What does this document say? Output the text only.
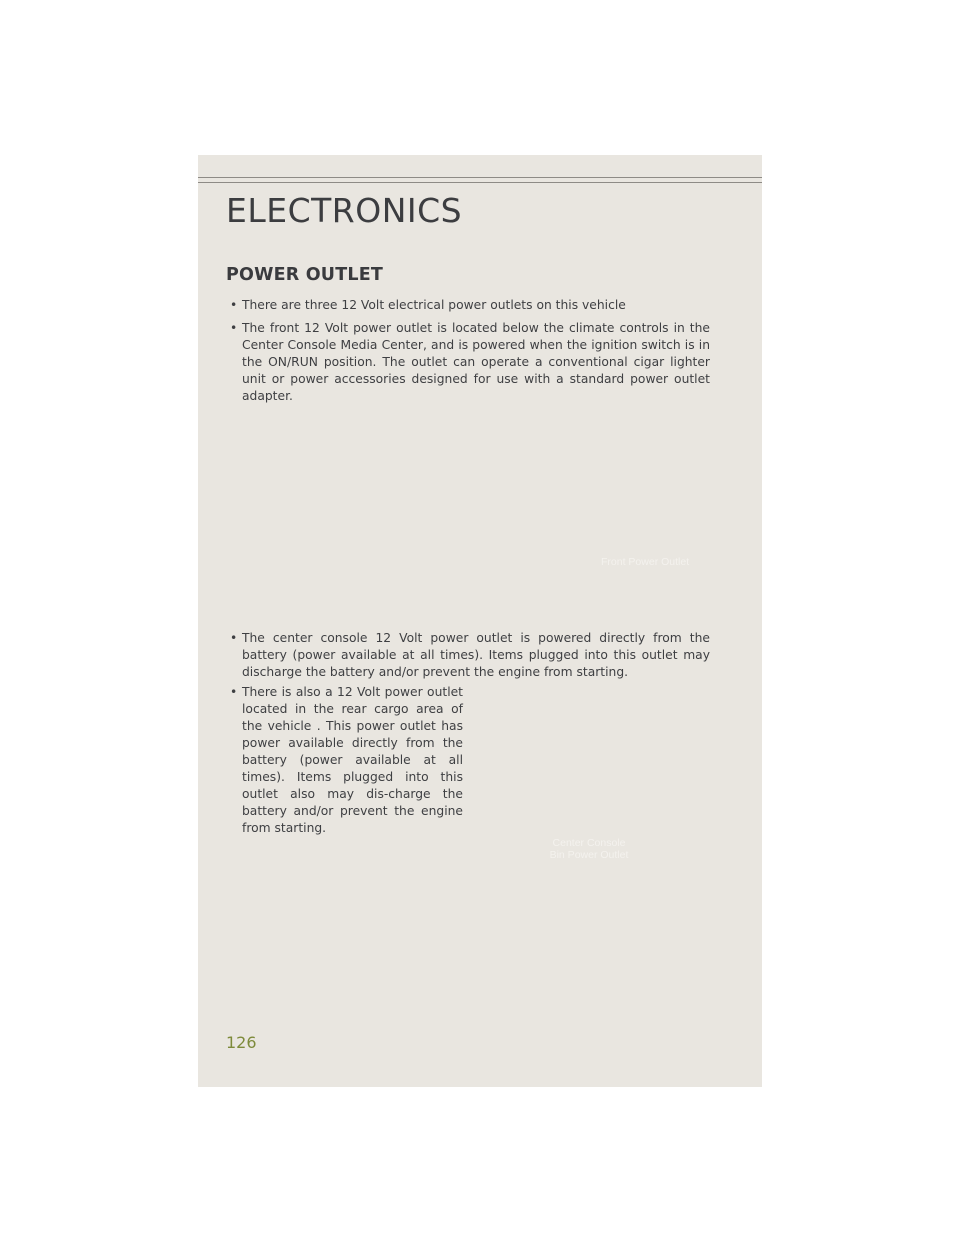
ELECTRONICS
POWER OUTLET
• There are three 12 Volt electrical power outlets on this vehicle
• The front 12 Volt power outlet is located below the climate controls in the Center Console Media Center, and is powered when the ignition switch is in the ON/RUN position. The outlet can operate a conventional cigar lighter unit or power accessories designed for use with a standard power outlet adapter.
Front Power Outlet
• The center console 12 Volt power outlet is powered directly from the battery (power available at all times). Items plugged into this outlet may discharge the battery and/or prevent the engine from starting.
• There is also a 12 Volt power outlet located in the rear cargo area of the vehicle . This power outlet has power available directly from the battery (power available at all times). Items plugged into this outlet also may dis-charge the battery and/or prevent the engine from starting.
Center Console
Bin Power Outlet
126
